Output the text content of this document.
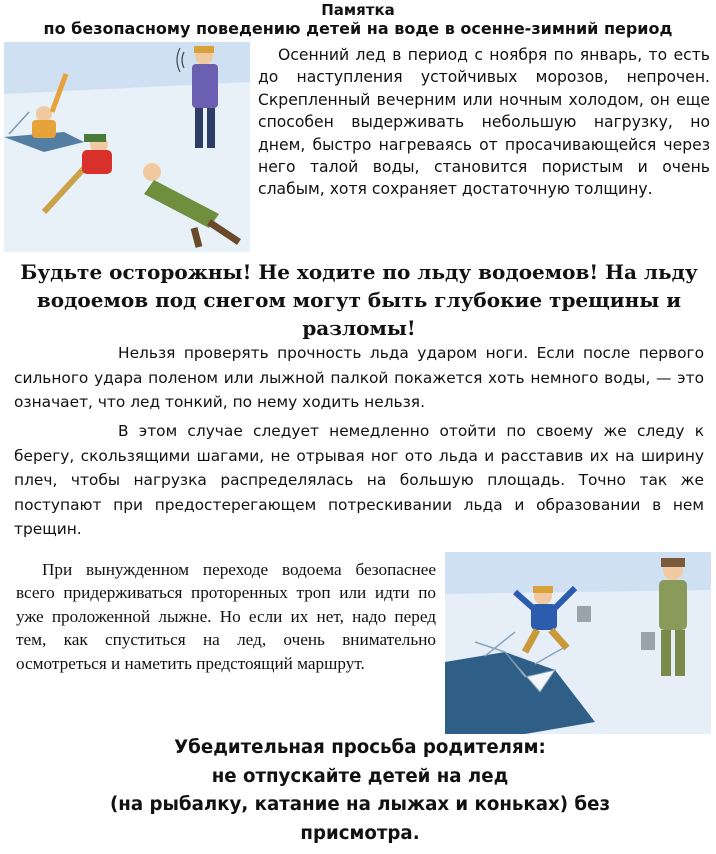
Памятка
по безопасному поведению детей на воде в осенне-зимний период
Осенний лед в период с ноября по январь, то есть до наступления устойчивых морозов, непрочен. Скрепленный вечерним или ночным холодом, он еще способен выдерживать небольшую нагрузку, но днем, быстро нагреваясь от просачивающейся через него талой воды, становится пористым и очень слабым, хотя сохраняет достаточную толщину.
Будьте осторожны! Не ходите по льду водоемов! На льду водоемов под снегом могут быть глубокие трещины и разломы!
Нельзя проверять прочность льда ударом ноги. Если после первого сильного удара поленом или лыжной палкой покажется хоть немного воды, — это означает, что лед тонкий, по нему ходить нельзя.
В этом случае следует немедленно отойти по своему же следу к берегу, скользящими шагами, не отрывая ног ото льда и расставив их на ширину плеч, чтобы нагрузка распределялась на большую площадь. Точно так же поступают при предостерегающем потрескивании льда и образовании в нем трещин.
При вынужденном переходе водоема безопаснее всего придерживаться проторенных троп или идти по уже проложенной лыжне. Но если их нет, надо перед тем, как спуститься на лед, очень внимательно осмотреться и наметить предстоящий маршрут.
Убедительная просьба родителям:
не отпускайте детей на лед
(на рыбалку, катание на лыжах и коньках) без
присмотра.
